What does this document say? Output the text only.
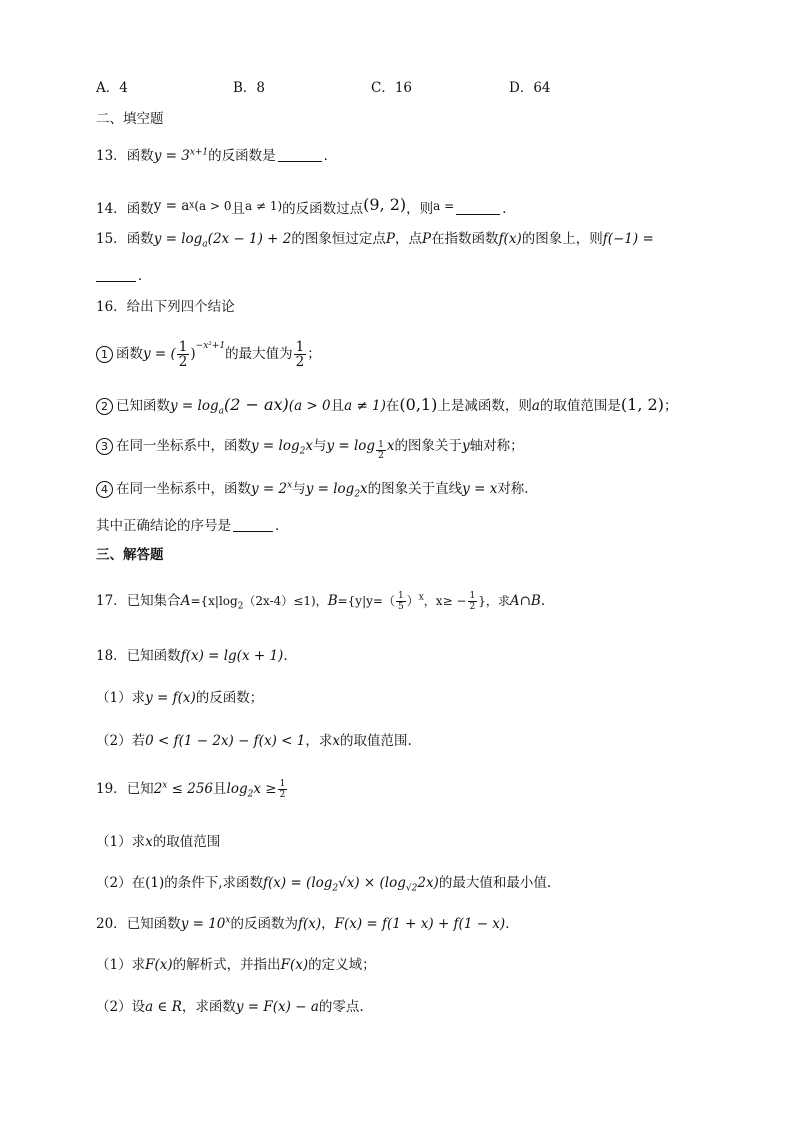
A．4	B．8	C．16	D．64
二、填空题
13．函数$y = 3^{x+1}$的反函数是	．
14．函数$y = a^x(a > 0$且a ≠ 1)的反函数过点(9, 2)，则a =	．
15．函数$y = \log_a(2x - 1) + 2$的图象恒过定点P，点P在指数函数f(x)的图象上，则f(−1) =
．
16．给出下列四个结论
1 函数y = ( $\frac{1}{2} )^{-x^2+1}$的最大值为 $\frac{1}{2}$ ；
2 已知函数$y = \log_a(2 - ax)(a > 0$且a ≠ 1)在(0,1)上是减函数，则a的取值范围是(1, 2)；
3 在同一坐标系中，函数$y = \log_2x$与$y = \log \frac{1}{2}$ x的图象关于y轴对称；
4 在同一坐标系中，函数$y = 2^x$与$y = \log_2x$的图象关于直线y = x对称．
其中正确结论的序号是	．
三、解答题
17．已知集合$A=\{x|\log_2(2x-4)\le 1)$，$B=\{y|y=( \frac{1}{5} )^x$，$x\ge - \frac{1}{2}$ }，求A∩B.
18．已知函数f(x) = lg(x + 1).
（1）求y = f(x)的反函数；
（2）若0 < f(1 − 2x) − f(x) < 1，求x的取值范围.
19．已知$2^x \le 256$且$\log_2x \ge \frac{1}{2}$
（1）求x的取值范围
（2）在(1)的条件下,求函数$f(x) = (\log_2√x) \times (\log_{√2}2x)$的最大值和最小值.
20．已知函数$y = 10^x$的反函数为f(x)，F(x) = f(1 + x) + f(1 − x)．
（1）求F(x)的解析式，并指出F(x)的定义域；
（2）设a ∈ R，求函数y = F(x) − a的零点.
